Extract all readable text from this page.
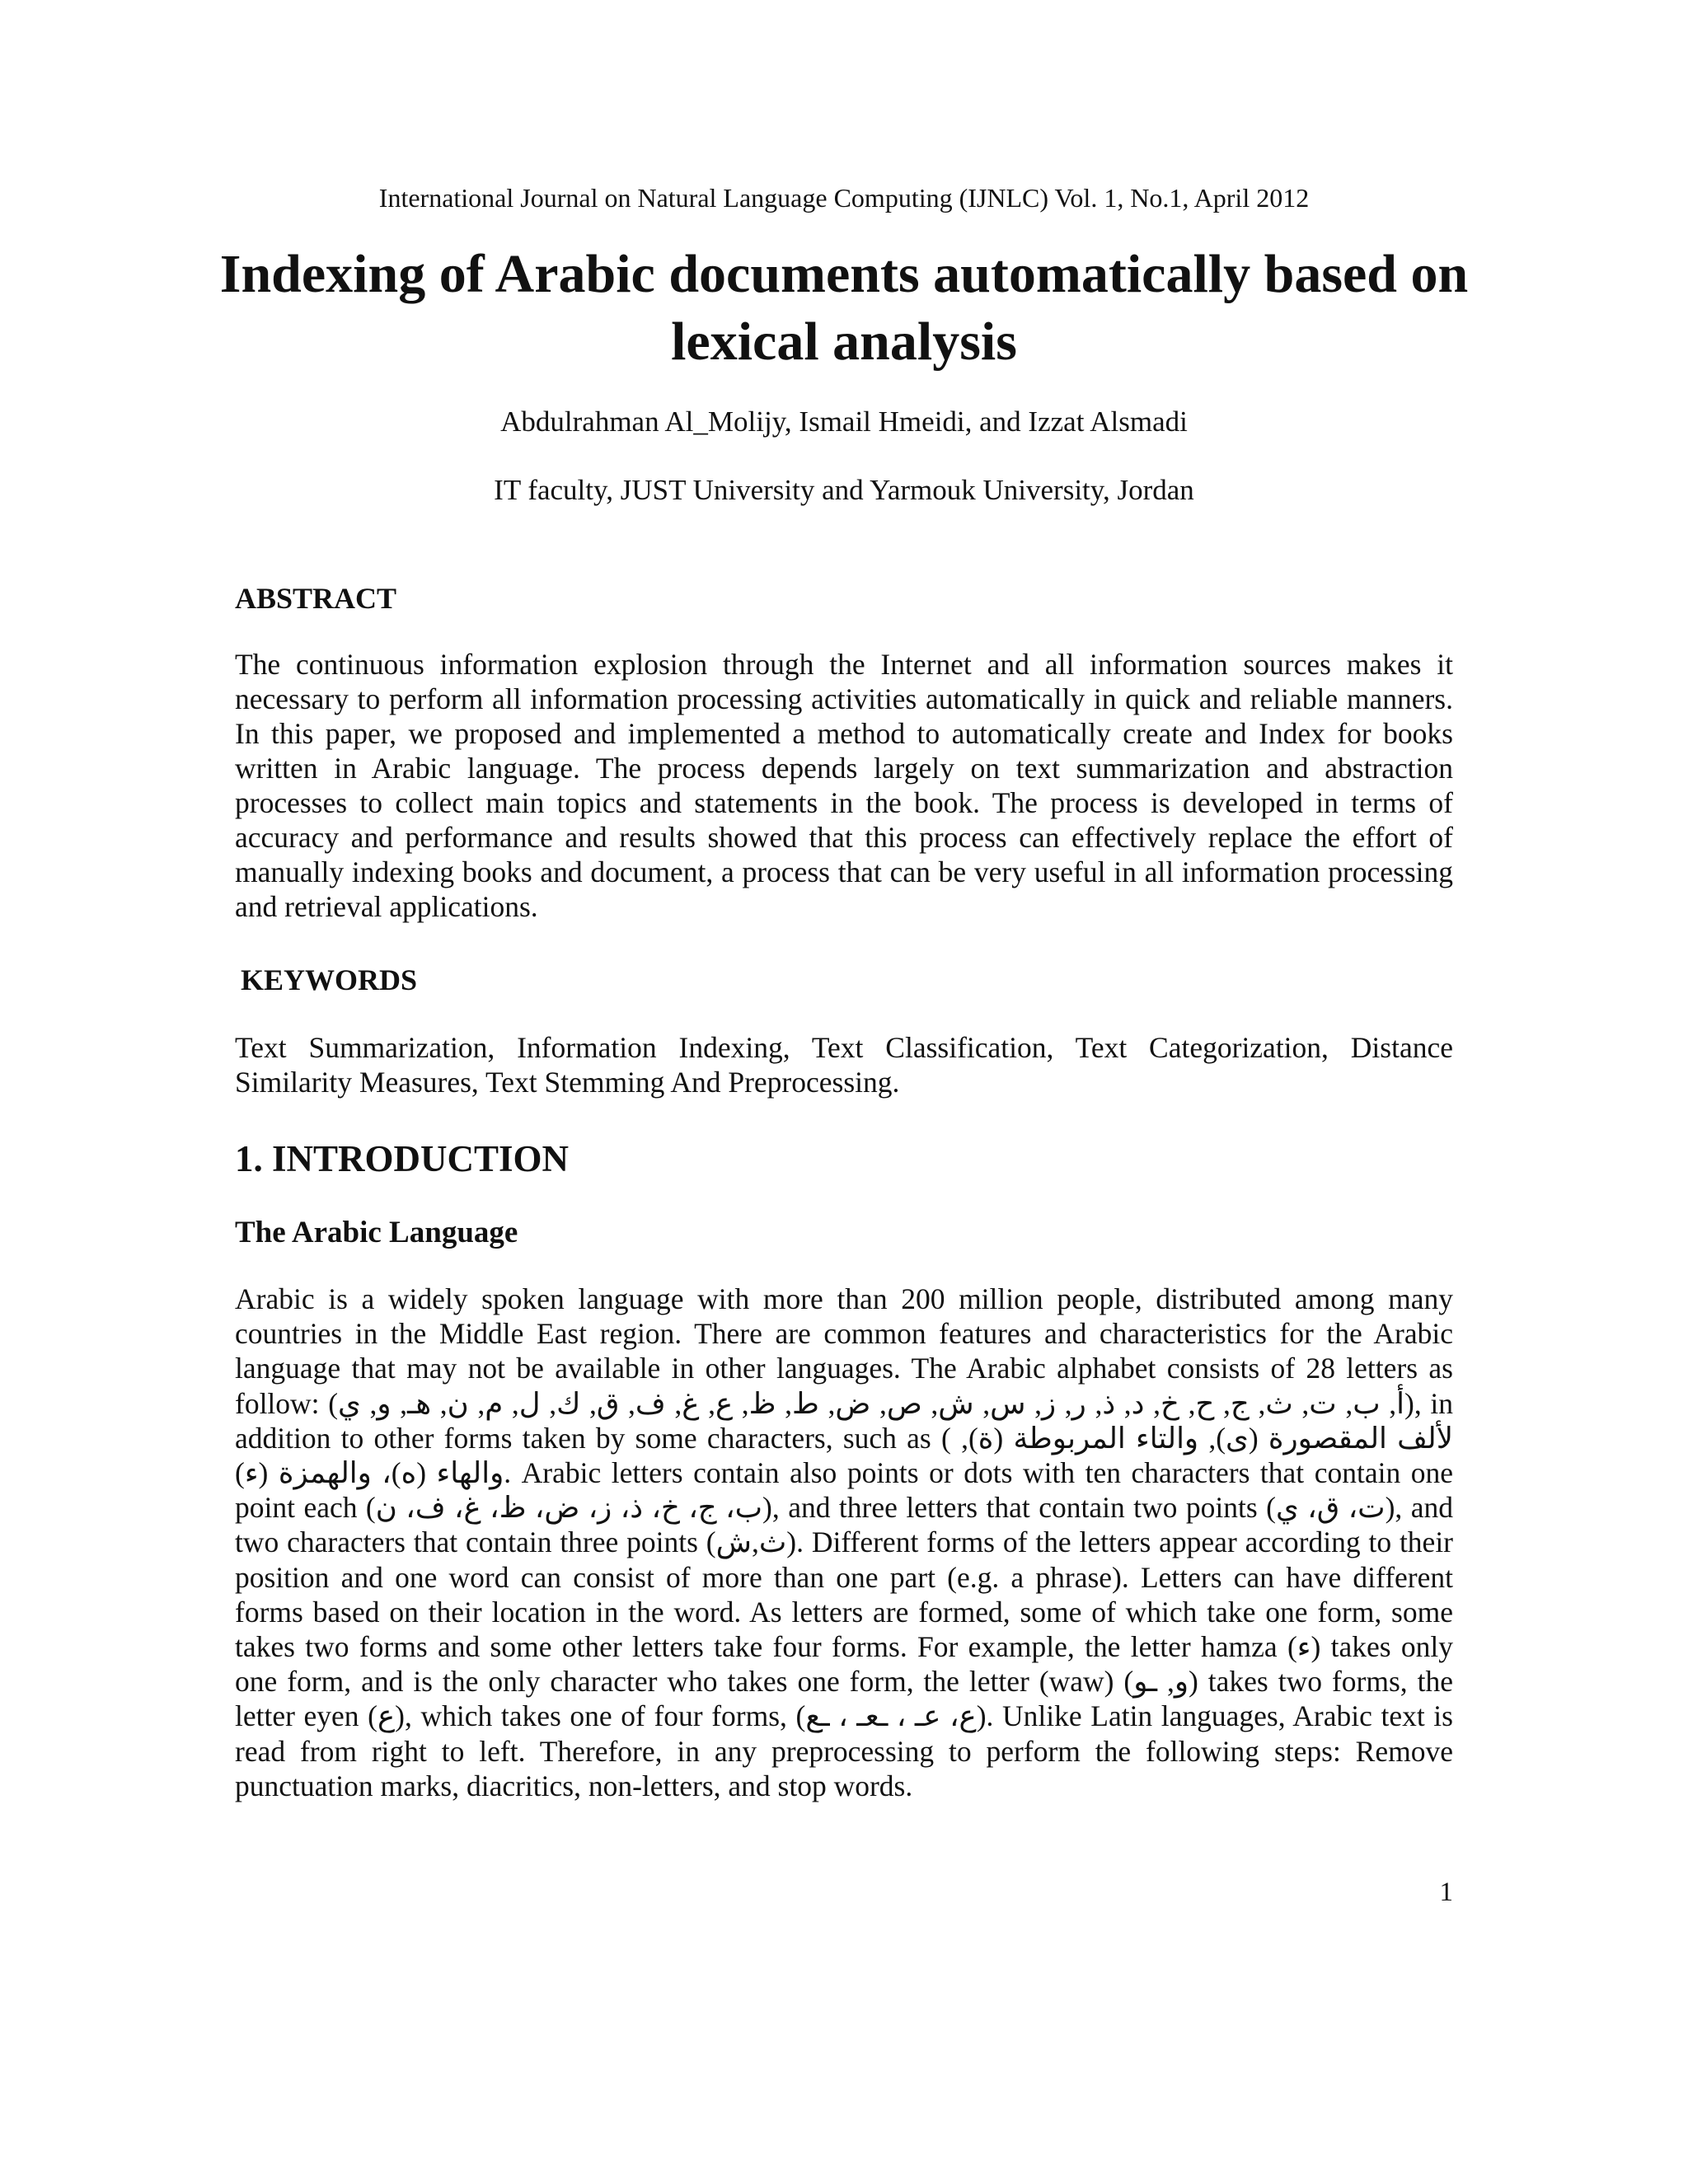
International Journal on Natural Language Computing (IJNLC) Vol. 1, No.1, April 2012
Indexing of Arabic documents automatically based on lexical analysis
Abdulrahman Al_Molijy, Ismail Hmeidi, and Izzat Alsmadi
IT faculty, JUST University and Yarmouk University, Jordan
ABSTRACT
The continuous information explosion through the Internet and all information sources makes it necessary to perform all information processing activities automatically in quick and reliable manners. In this paper, we proposed and implemented a method to automatically create and Index for books written in Arabic language. The process depends largely on text summarization and abstraction processes to collect main topics and statements in the book. The process is developed in terms of accuracy and performance and results showed that this process can effectively replace the effort of manually indexing books and document, a process that can be very useful in all information processing and retrieval applications.
KEYWORDS
Text Summarization, Information Indexing, Text Classification, Text Categorization, Distance Similarity Measures, Text Stemming And Preprocessing.
1. INTRODUCTION
The Arabic Language
Arabic is a widely spoken language with more than 200 million people, distributed among many countries in the Middle East region. There are common features and characteristics for the Arabic language that may not be available in other languages. The Arabic alphabet consists of 28 letters as follow: (أ, ب, ت, ث, ج, ح, خ, د, ذ, ر, ز, س, ش, ص, ض, ط, ظ, ع, غ, ف, ق, ك, ل, م, ن, هـ, و, ي), in addition to other forms taken by some characters, such as ( لألف المقصورة (ى), والتاء المربوطة (ة), والهاء (ه)، والهمزة (ء). Arabic letters contain also points or dots with ten characters that contain one point each (ب، ج، خ، ذ، ز، ض، ظ، غ، ف، ن), and three letters that contain two points (ت، ق، ي), and two characters that contain three points (ث,ش). Different forms of the letters appear according to their position and one word can consist of more than one part (e.g. a phrase). Letters can have different forms based on their location in the word. As letters are formed, some of which take one form, some takes two forms and some other letters take four forms. For example, the letter hamza (ء) takes only one form, and is the only character who takes one form, the letter (waw) (و, ـو) takes two forms, the letter eyen (ع), which takes one of four forms, (ع، عـ ، ـعـ ، ـع). Unlike Latin languages, Arabic text is read from right to left. Therefore, in any preprocessing to perform the following steps: Remove punctuation marks, diacritics, non-letters, and stop words.
1
